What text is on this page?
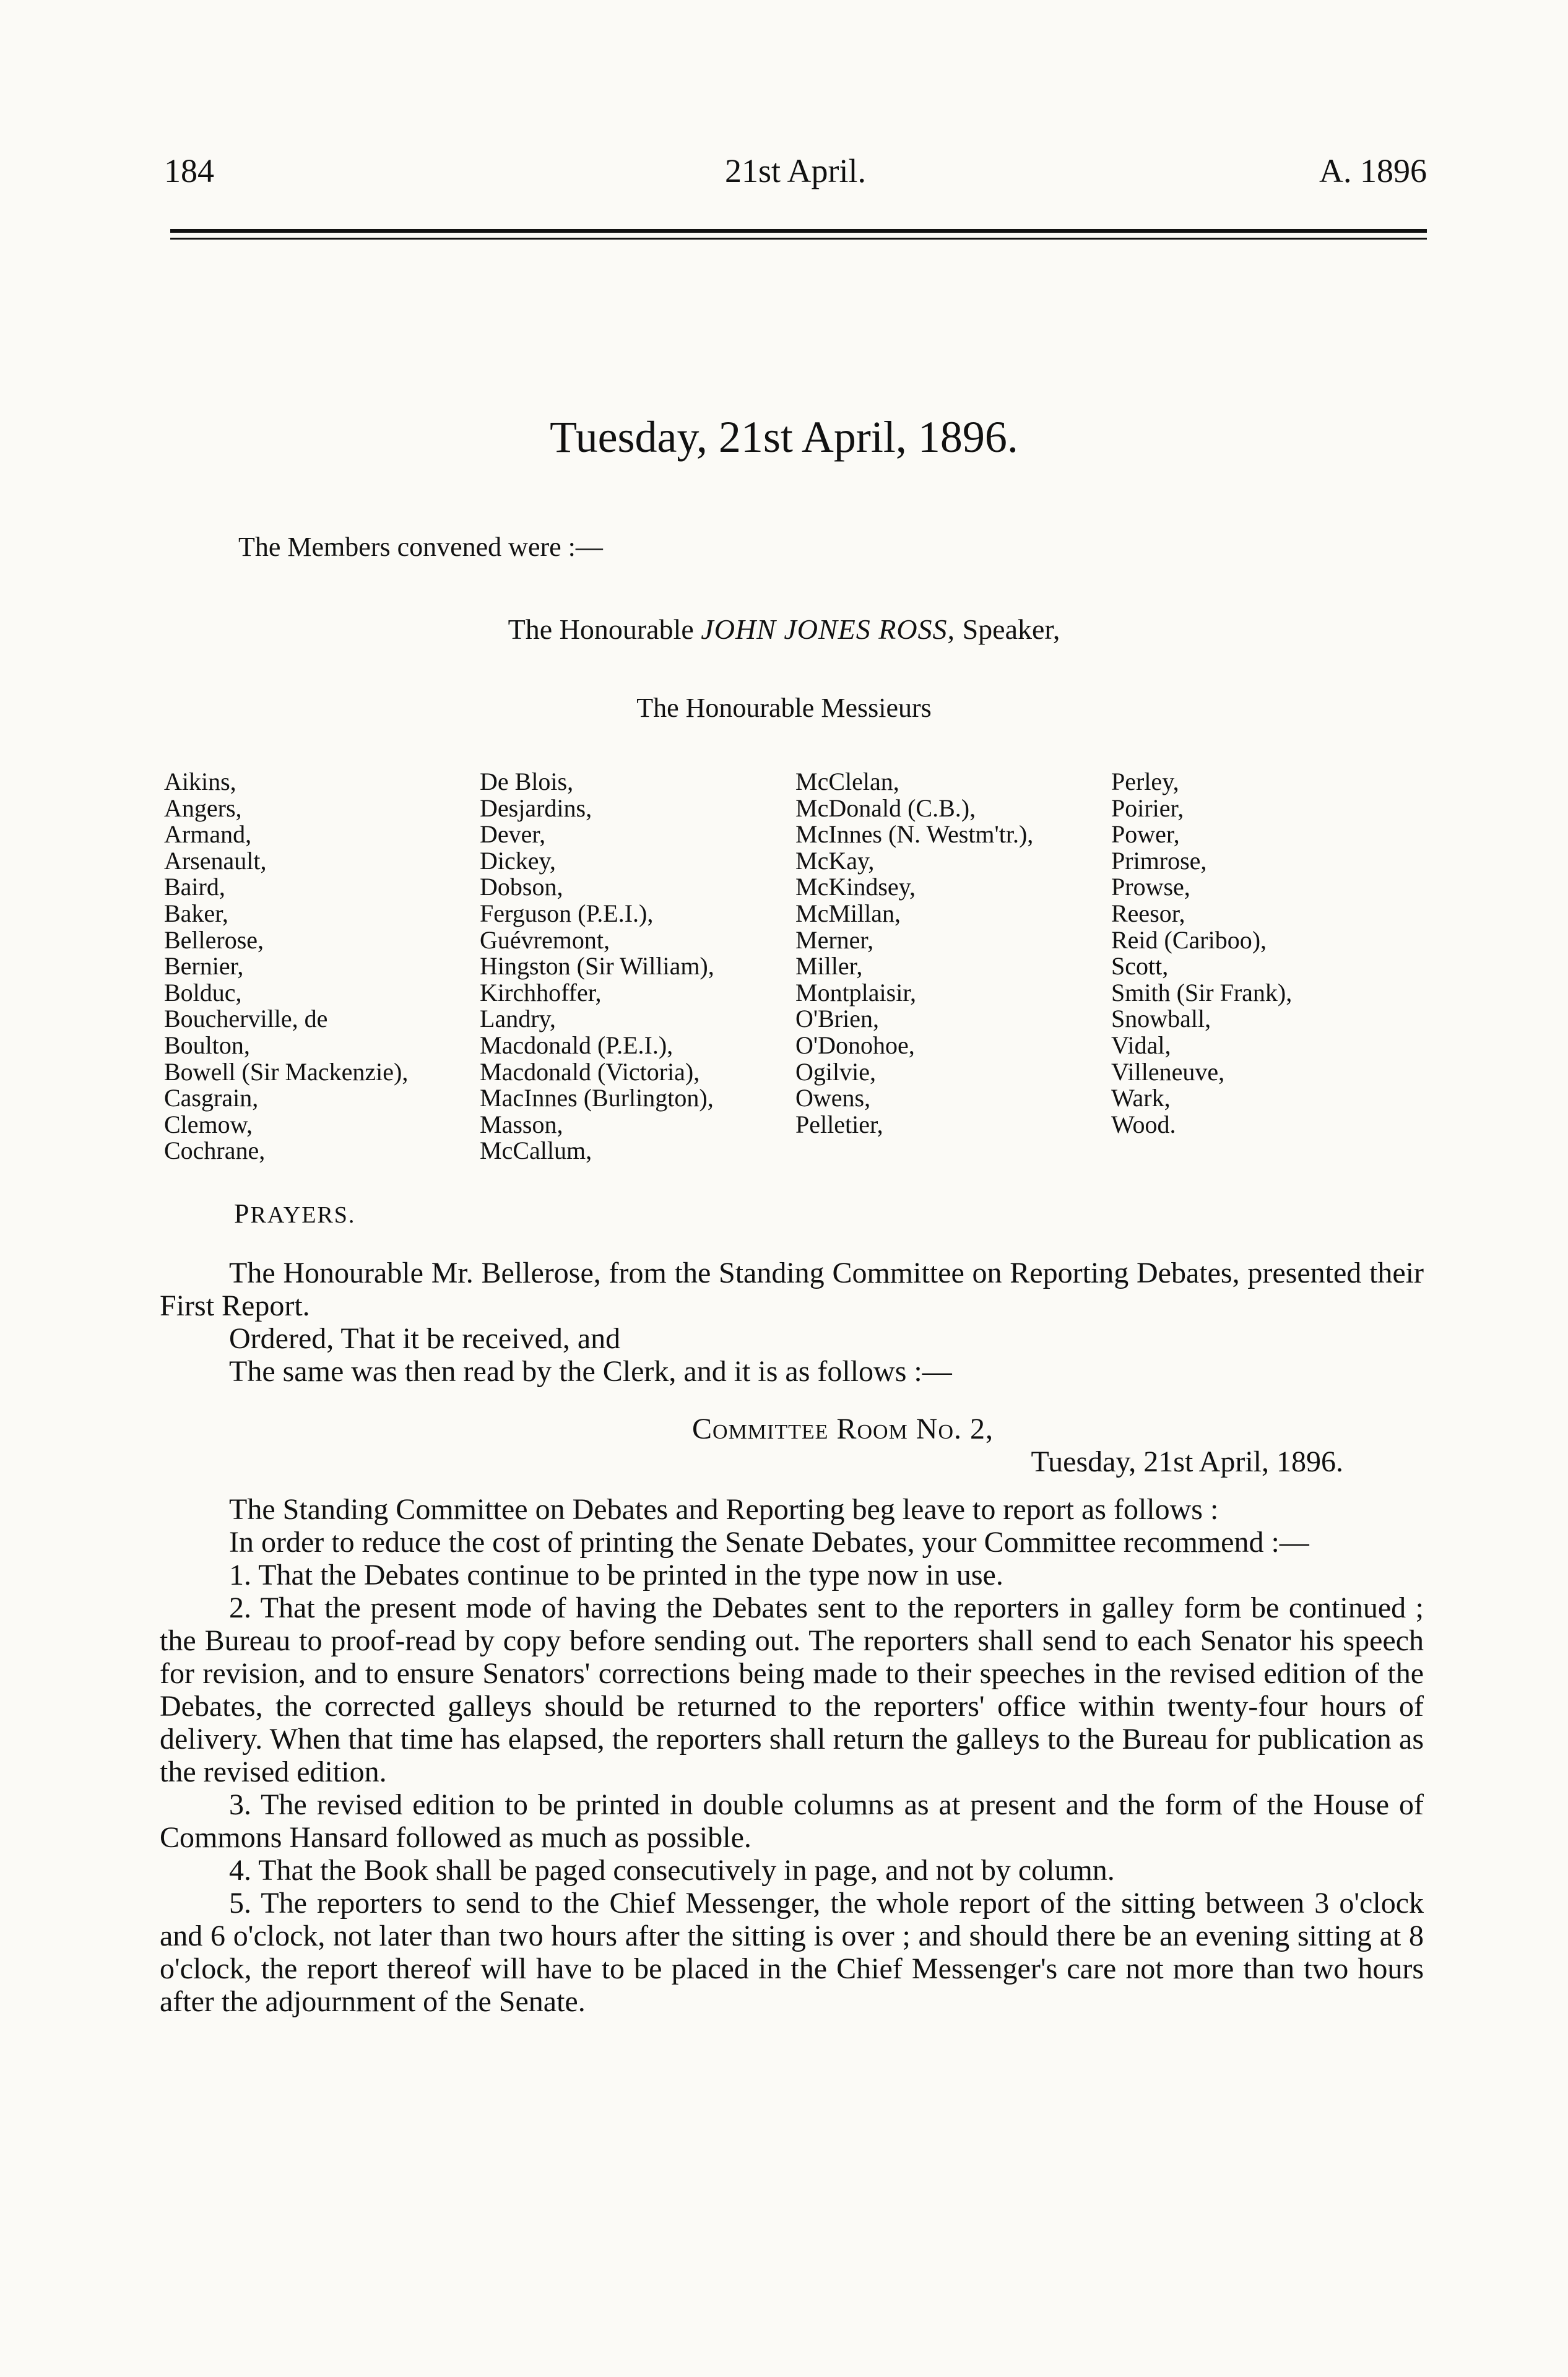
184	21st April.	A. 1896
Tuesday, 21st April, 1896.
The Members convened were :—
The Honourable JOHN JONES ROSS, Speaker,
The Honourable Messieurs
Aikins,
Angers,
Armand,
Arsenault,
Baird,
Baker,
Bellerose,
Bernier,
Bolduc,
Boucherville, de
Boulton,
Bowell (Sir Mackenzie),
Casgrain,
Clemow,
Cochrane,
De Blois,
Desjardins,
Dever,
Dickey,
Dobson,
Ferguson (P.E.I.),
Guévremont,
Hingston (Sir William),
Kirchhoffer,
Landry,
Macdonald (P.E.I.),
Macdonald (Victoria),
MacInnes (Burlington),
Masson,
McCallum,
McClelan,
McDonald (C.B.),
McInnes (N. Westm'tr.),
McKay,
McKindsey,
McMillan,
Merner,
Miller,
Montplaisir,
O'Brien,
O'Donohoe,
Ogilvie,
Owens,
Pelletier,
Perley,
Poirier,
Power,
Primrose,
Prowse,
Reesor,
Reid (Cariboo),
Scott,
Smith (Sir Frank),
Snowball,
Vidal,
Villeneuve,
Wark,
Wood.
PRAYERS.

The Honourable Mr. Bellerose, from the Standing Committee on Reporting Debates, presented their First Report.

Ordered, That it be received, and

The same was then read by the Clerk, and it is as follows :—

Committee Room No. 2,
Tuesday, 21st April, 1896.

The Standing Committee on Debates and Reporting beg leave to report as follows :

In order to reduce the cost of printing the Senate Debates, your Committee recommend :—

1. That the Debates continue to be printed in the type now in use.

2. That the present mode of having the Debates sent to the reporters in galley form be continued ; the Bureau to proof-read by copy before sending out. The reporters shall send to each Senator his speech for revision, and to ensure Senators' corrections being made to their speeches in the revised edition of the Debates, the corrected galleys should be returned to the reporters' office within twenty-four hours of delivery. When that time has elapsed, the reporters shall return the galleys to the Bureau for publication as the revised edition.

3. The revised edition to be printed in double columns as at present and the form of the House of Commons Hansard followed as much as possible.

4. That the Book shall be paged consecutively in page, and not by column.

5. The reporters to send to the Chief Messenger, the whole report of the sitting between 3 o'clock and 6 o'clock, not later than two hours after the sitting is over ; and should there be an evening sitting at 8 o'clock, the report thereof will have to be placed in the Chief Messenger's care not more than two hours after the adjournment of the Senate.
